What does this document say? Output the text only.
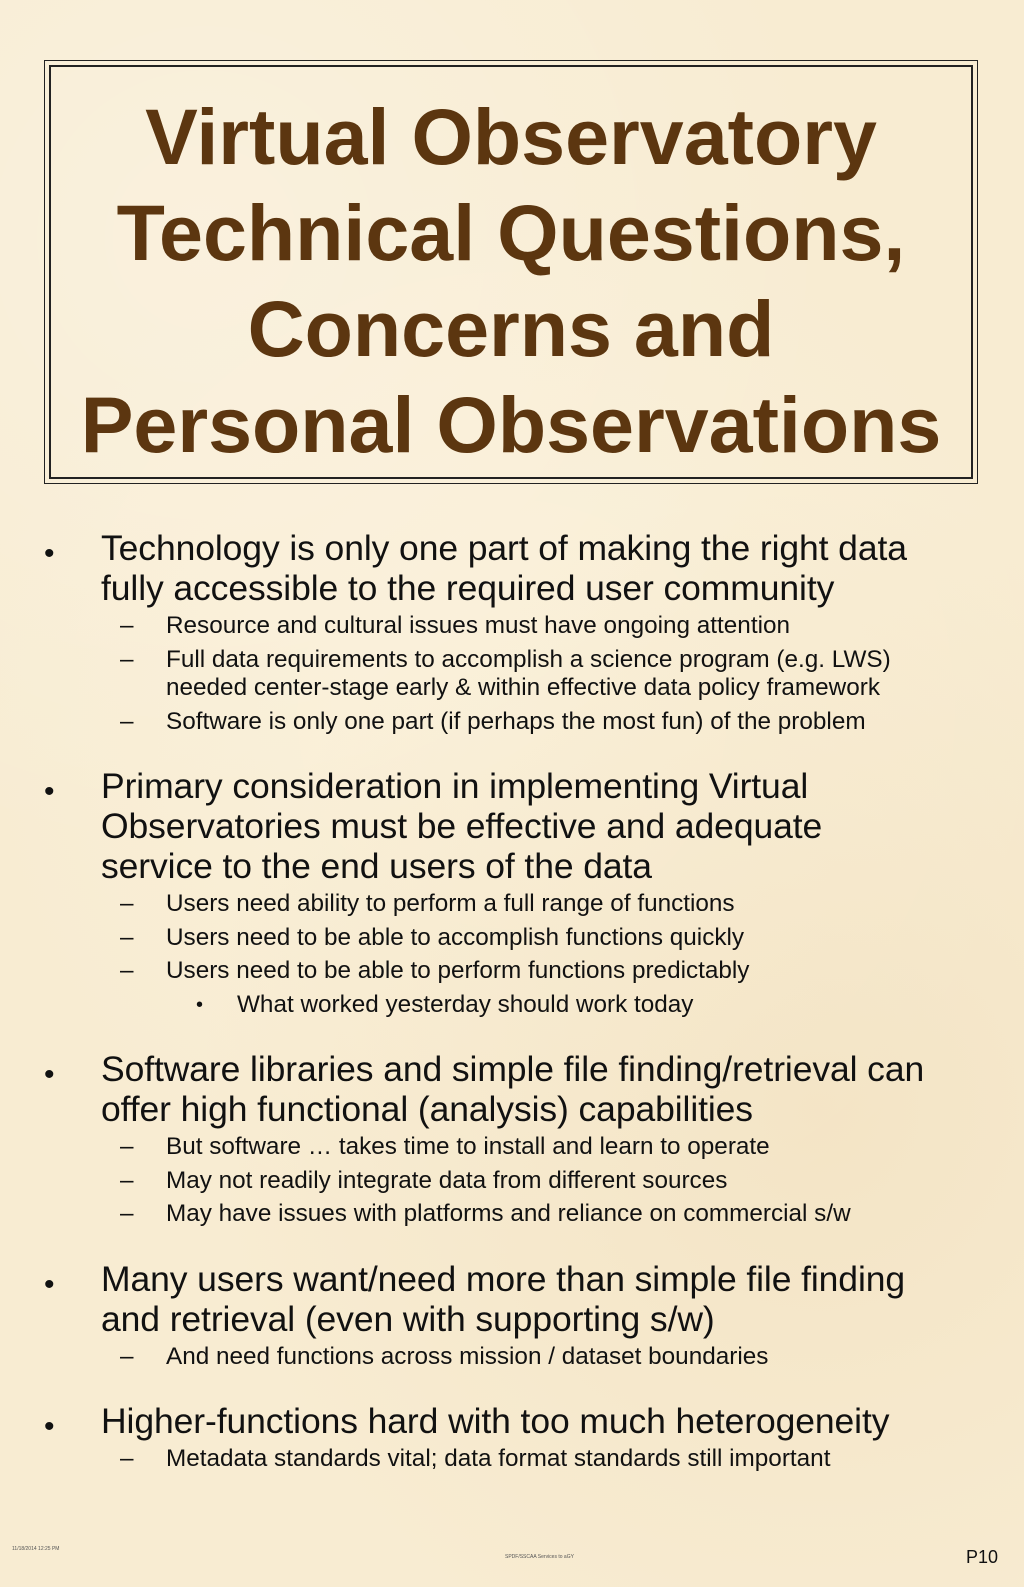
Virtual Observatory
Technical Questions,
Concerns and
Personal Observations
• Technology is only one part of making the right data
fully accessible to the required user community

– Resource and cultural issues must have ongoing attention
– Full data requirements to accomplish a science program (e.g. LWS)
needed center-stage early & within effective data policy framework
– Software is only one part (if perhaps the most fun) of the problem
• Primary consideration in implementing Virtual
Observatories must be effective and adequate
service to the end users of the data

– Users need ability to perform a full range of functions
– Users need to be able to accomplish functions quickly
– Users need to be able to perform functions predictably
• What worked yesterday should work today
• Software libraries and simple file finding/retrieval can
offer high functional (analysis) capabilities

– But software … takes time to install and learn to operate
– May not readily integrate data from different sources
– May have issues with platforms and reliance on commercial s/w
• Many users want/need more than simple file finding
and retrieval (even with supporting s/w)

– And need functions across mission / dataset boundaries
• Higher-functions hard with too much heterogeneity

– Metadata standards vital; data format standards still important
11/18/2014 12:25 PM
SPDF/SSCAA Services to aGY	P10
